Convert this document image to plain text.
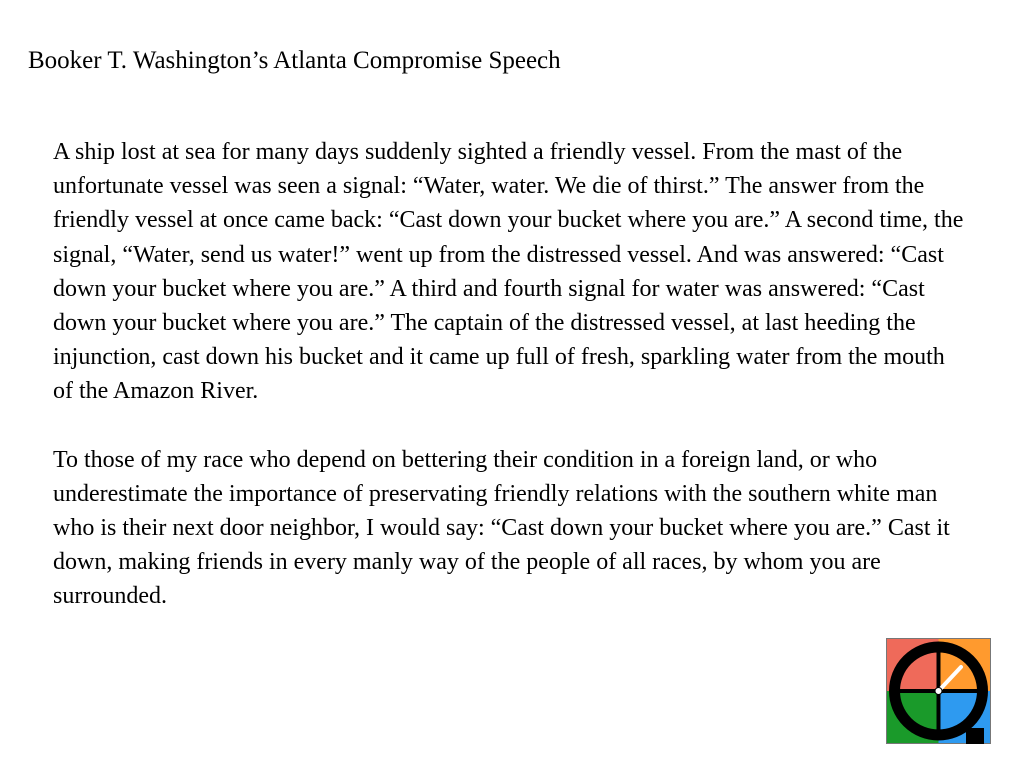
Booker T. Washington’s Atlanta Compromise Speech

A ship lost at sea for many days suddenly sighted a friendly vessel. From the mast of the unfortunate vessel was seen a signal: “Water, water. We die of thirst.” The answer from the friendly vessel at once came back: “Cast down your bucket where you are.” A second time, the signal, “Water, send us water!” went up from the distressed vessel. And was answered: “Cast down your bucket where you are.” A third and fourth signal for water was answered: “Cast down your bucket where you are.” The captain of the distressed vessel, at last heeding the injunction, cast down his bucket and it came up full of fresh, sparkling water from the mouth of the Amazon River.

To those of my race who depend on bettering their condition in a foreign land, or who underestimate the importance of preservating friendly relations with the southern white man who is their next door neighbor, I would say: “Cast down your bucket where you are.” Cast it down, making friends in every manly way of the people of all races, by whom you are surrounded.
